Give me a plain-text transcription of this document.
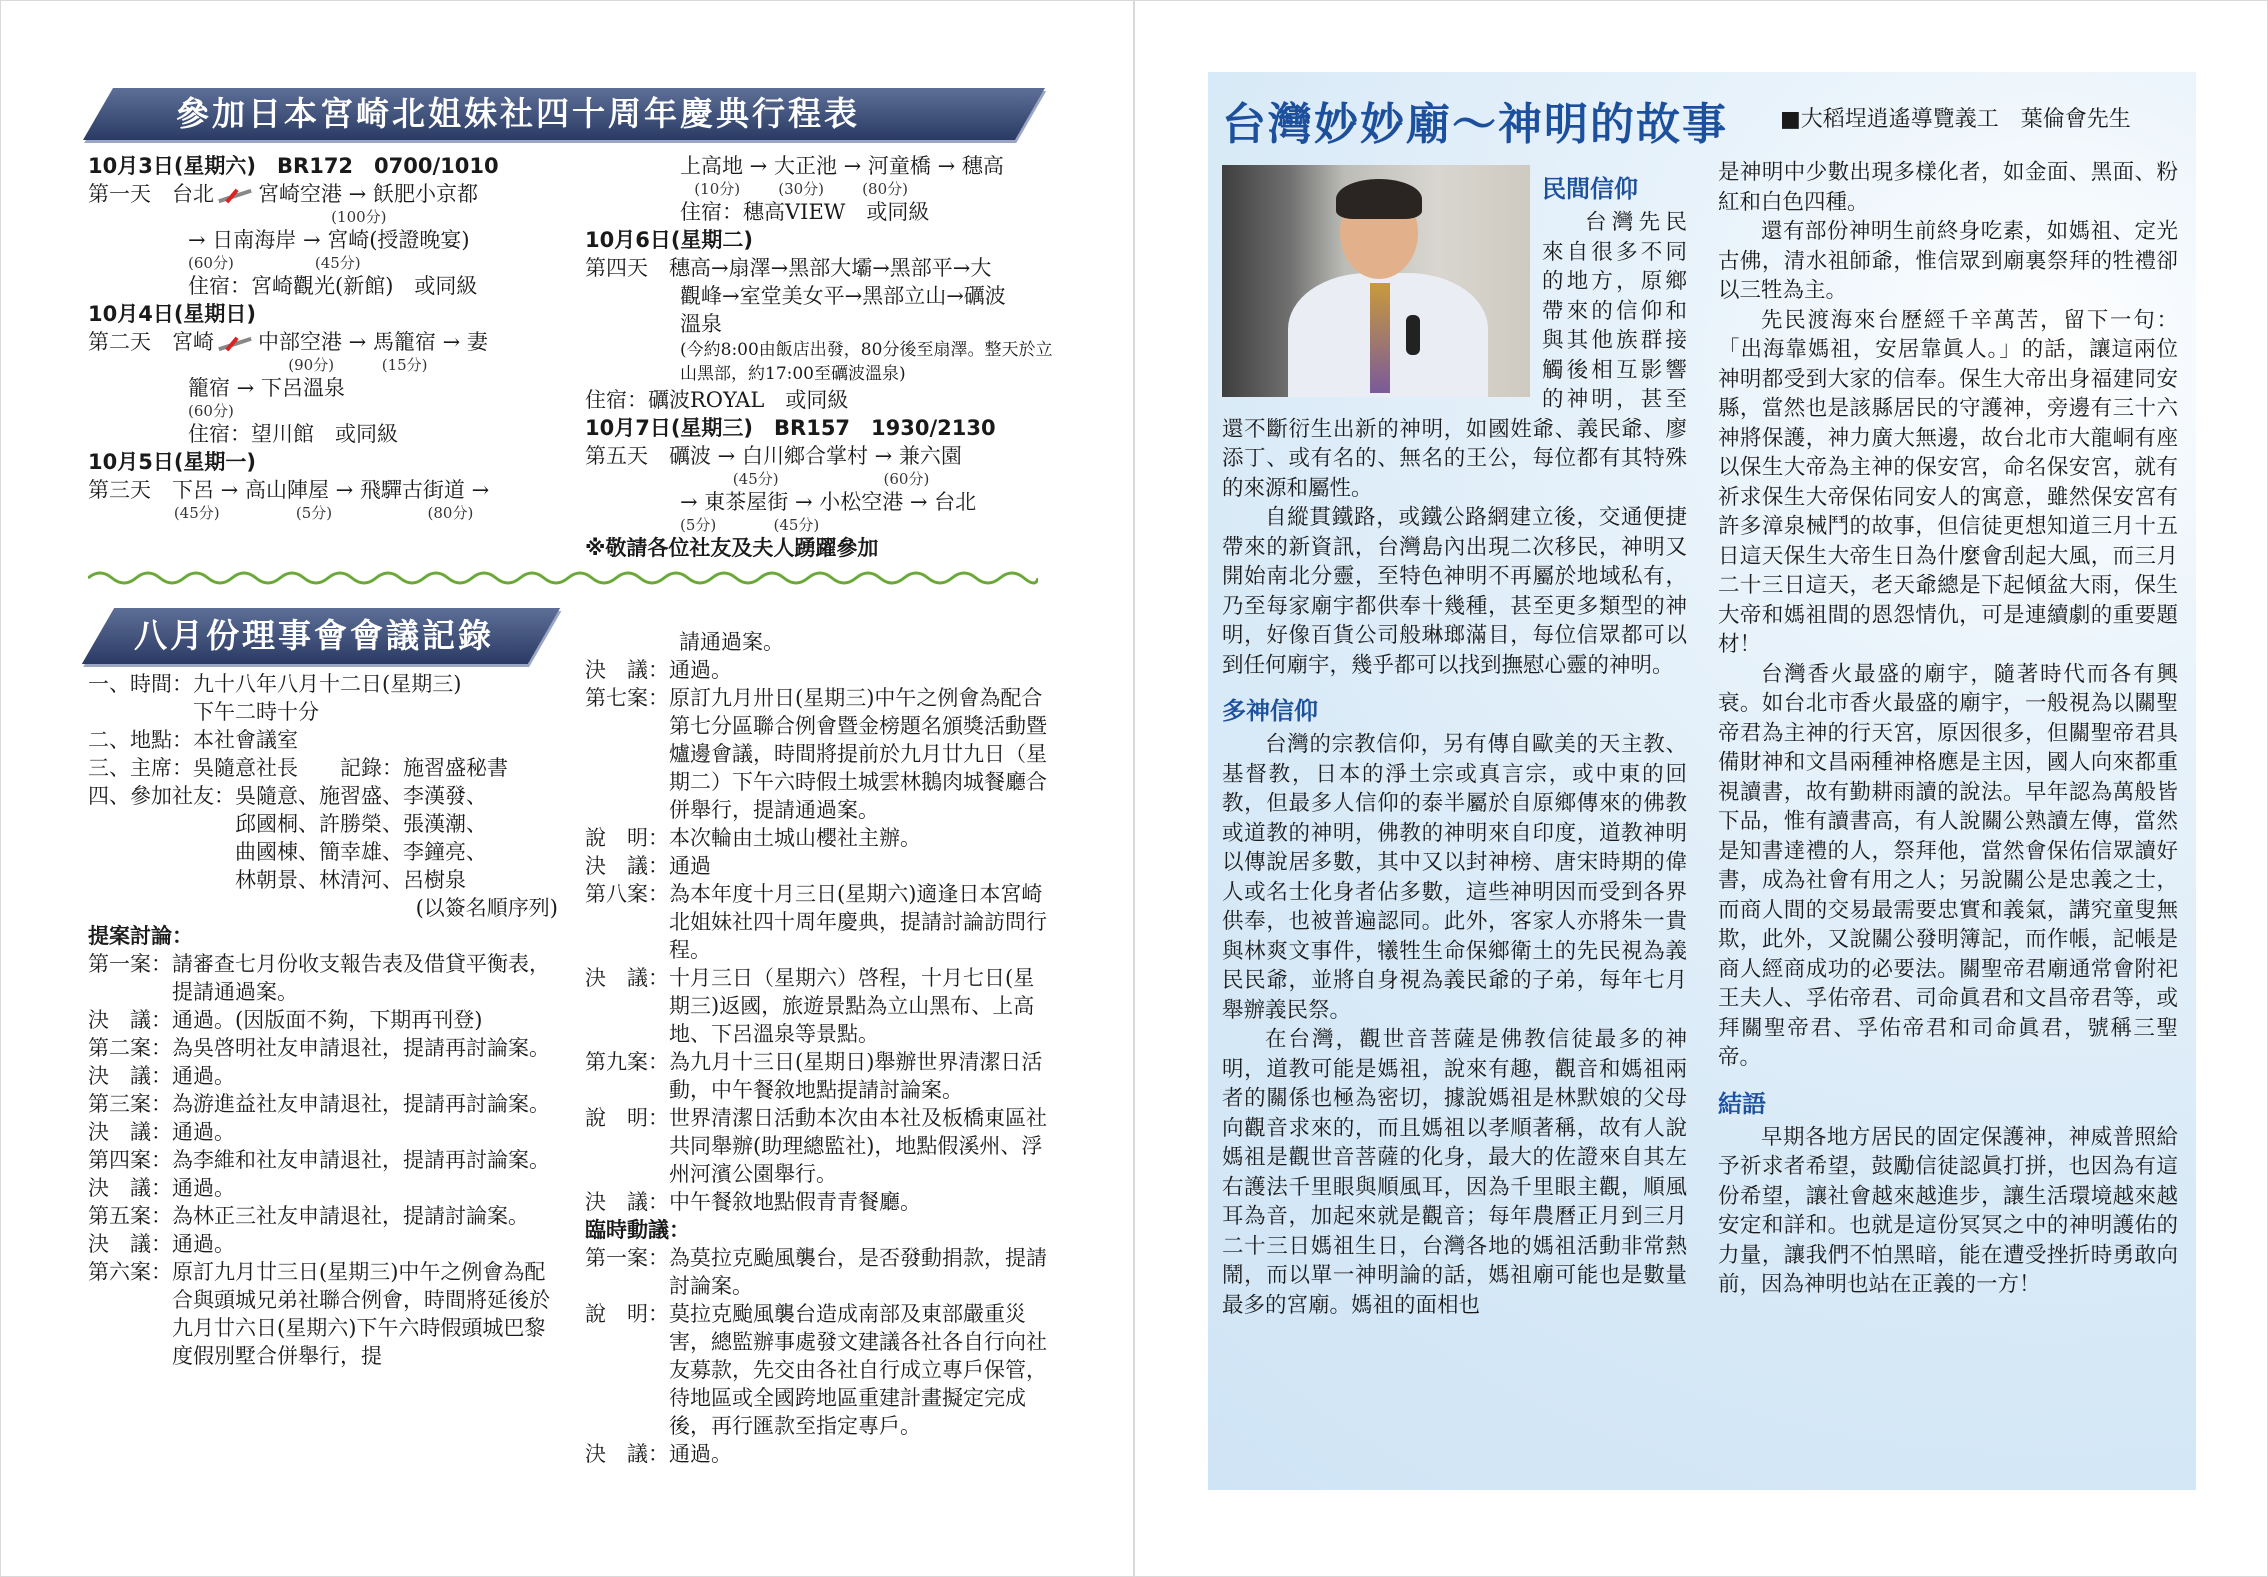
參加日本宮崎北姐妹社四十周年慶典行程表
10月3日(星期六)　BR172　0700/1010
第一天　台北 宮崎空港 → 飫肥小京都
(100分)
→ 日南海岸 → 宮崎(授證晚宴)
(60分)                 (45分)
住宿：宮崎觀光(新館)　或同級
10月4日(星期日)
第二天　宮崎 中部空港 → 馬籠宿 → 妻
(90分)          (15分)
籠宿 → 下呂溫泉
(60分)
住宿：望川館　或同級
10月5日(星期一)
第三天　下呂 → 高山陣屋 → 飛驒古街道 →
(45分)                (5分)                    (80分)
上高地 → 大正池 → 河童橋 → 穗高
(10分)        (30分)        (80分)
住宿：穗高VIEW　或同級
10月6日(星期二)
第四天　穗高→扇澤→黑部大壩→黑部平→大
觀峰→室堂美女平→黑部立山→礪波
溫泉
(今約8:00由飯店出發，80分後至扇澤。整天於立山黑部，約17:00至礪波溫泉)
住宿：礪波ROYAL　或同級
10月7日(星期三)　BR157　1930/2130
第五天　礪波 → 白川鄉合掌村 → 兼六園
(45分)                      (60分)
→ 東茶屋街 → 小松空港 → 台北
(5分)            (45分)
※敬請各位社友及夫人踴躍參加
八月份理事會會議記錄
一、時間： 九十八年八月十二日(星期三)
下午二時十分
二、地點：本社會議室
三、主席：吳隨意社長　　記錄：施習盛秘書
四、參加社友： 吳隨意、施習盛、李漢發、
邱國桐、許勝榮、張漢潮、
曲國棟、簡幸雄、李鐘亮、
林朝景、林清河、呂樹泉
(以簽名順序列)
提案討論：
第一案： 請審查七月份收支報告表及借貸平衡表，提請通過案。
決　議： 通過。(因版面不夠，下期再刊登)
第二案： 為吳啓明社友申請退社，提請再討論案。
決　議： 通過。
第三案： 為游進益社友申請退社，提請再討論案。
決　議： 通過。
第四案： 為李維和社友申請退社，提請再討論案。
決　議： 通過。
第五案： 為林正三社友申請退社，提請討論案。
決　議： 通過。
第六案： 原訂九月廿三日(星期三)中午之例會為配合與頭城兄弟社聯合例會，時間將延後於九月廿六日(星期六)下午六時假頭城巴黎度假別墅合併舉行，提
請通過案。
決　議： 通過。
第七案： 原訂九月卅日(星期三)中午之例會為配合第七分區聯合例會暨金榜題名頒獎活動暨爐邊會議，時間將提前於九月廿九日（星期二）下午六時假土城雲林鵝肉城餐廳合併舉行，提請通過案。
說　明： 本次輪由土城山櫻社主辦。
決　議： 通過
第八案： 為本年度十月三日(星期六)適逢日本宮崎北姐妹社四十周年慶典，提請討論訪問行程。
決　議： 十月三日（星期六）啓程，十月七日(星期三)返國，旅遊景點為立山黑布、上高地、下呂溫泉等景點。
第九案： 為九月十三日(星期日)舉辦世界清潔日活動，中午餐敘地點提請討論案。
說　明： 世界清潔日活動本次由本社及板橋東區社共同舉辦(助理總監社)，地點假溪州、浮州河濱公園舉行。
決　議： 中午餐敘地點假青青餐廳。
臨時動議：
第一案： 為莫拉克颱風襲台，是否發動捐款，提請討論案。
說　明： 莫拉克颱風襲台造成南部及東部嚴重災害，總監辦事處發文建議各社各自行向社友募款，先交由各社自行成立專戶保管，待地區或全國跨地區重建計畫擬定完成後，再行匯款至指定專戶。
決　議： 通過。
台灣妙妙廟～神明的故事 ■大稻埕逍遙導覽義工　葉倫會先生
民間信仰

台灣先民來自很多不同的地方，原鄉帶來的信仰和與其他族群接觸後相互影響的神明，甚至還不斷衍生出新的神明，如國姓爺、義民爺、廖添丁、或有名的、無名的王公，每位都有其特殊的來源和屬性。

自縱貫鐵路，或鐵公路網建立後，交通便捷帶來的新資訊，台灣島內出現二次移民，神明又開始南北分靈，至特色神明不再屬於地域私有，乃至每家廟宇都供奉十幾種，甚至更多類型的神明，好像百貨公司般琳瑯滿目，每位信眾都可以到任何廟宇，幾乎都可以找到撫慰心靈的神明。

多神信仰

台灣的宗教信仰，另有傳自歐美的天主教、基督教，日本的淨土宗或真言宗，或中東的回教，但最多人信仰的泰半屬於自原鄉傳來的佛教或道教的神明，佛教的神明來自印度，道教神明以傳說居多數，其中又以封神榜、唐宋時期的偉人或名士化身者佔多數，這些神明因而受到各界供奉，也被普遍認同。此外，客家人亦將朱一貴與林爽文事件，犧牲生命保鄉衛土的先民視為義民民爺，並將自身視為義民爺的子弟，每年七月舉辦義民祭。

在台灣，觀世音菩薩是佛教信徒最多的神明，道教可能是媽祖，說來有趣，觀音和媽祖兩者的關係也極為密切，據說媽祖是林默娘的父母向觀音求來的，而且媽祖以孝順著稱，故有人說媽祖是觀世音菩薩的化身，最大的佐證來自其左右護法千里眼與順風耳，因為千里眼主觀，順風耳為音，加起來就是觀音；每年農曆正月到三月二十三日媽祖生日，台灣各地的媽祖活動非常熱鬧，而以單一神明論的話，媽祖廟可能也是數量最多的宮廟。媽祖的面相也

是神明中少數出現多樣化者，如金面、黑面、粉紅和白色四種。

還有部份神明生前終身吃素，如媽祖、定光古佛，清水祖師爺，惟信眾到廟裏祭拜的牲禮卻以三牲為主。

先民渡海來台歷經千辛萬苦，留下一句：「出海靠媽祖，安居靠眞人。」的話，讓這兩位神明都受到大家的信奉。保生大帝出身福建同安縣，當然也是該縣居民的守護神，旁邊有三十六神將保護，神力廣大無邊，故台北市大龍峒有座以保生大帝為主神的保安宮，命名保安宮，就有祈求保生大帝保佑同安人的寓意，雖然保安宮有許多漳泉械鬥的故事，但信徒更想知道三月十五日這天保生大帝生日為什麼會刮起大風，而三月二十三日這天，老天爺總是下起傾盆大雨，保生大帝和媽祖間的恩怨情仇，可是連續劇的重要題材！

台灣香火最盛的廟宇，隨著時代而各有興衰。如台北市香火最盛的廟宇，一般視為以關聖帝君為主神的行天宮，原因很多，但關聖帝君具備財神和文昌兩種神格應是主因，國人向來都重視讀書，故有勤耕雨讀的說法。早年認為萬般皆下品，惟有讀書高，有人說關公熟讀左傳，當然是知書達禮的人，祭拜他，當然會保佑信眾讀好書，成為社會有用之人；另說關公是忠義之士，而商人間的交易最需要忠實和義氣，講究童叟無欺，此外，又說關公發明簿記，而作帳，記帳是商人經商成功的必要法。關聖帝君廟通常會附祀王夫人、孚佑帝君、司命眞君和文昌帝君等，或拜關聖帝君、孚佑帝君和司命眞君，號稱三聖帝。

結語

早期各地方居民的固定保護神，神威普照給予祈求者希望，鼓勵信徒認眞打拼，也因為有這份希望，讓社會越來越進步，讓生活環境越來越安定和詳和。也就是這份冥冥之中的神明護佑的力量，讓我們不怕黑暗，能在遭受挫折時勇敢向前，因為神明也站在正義的一方！
